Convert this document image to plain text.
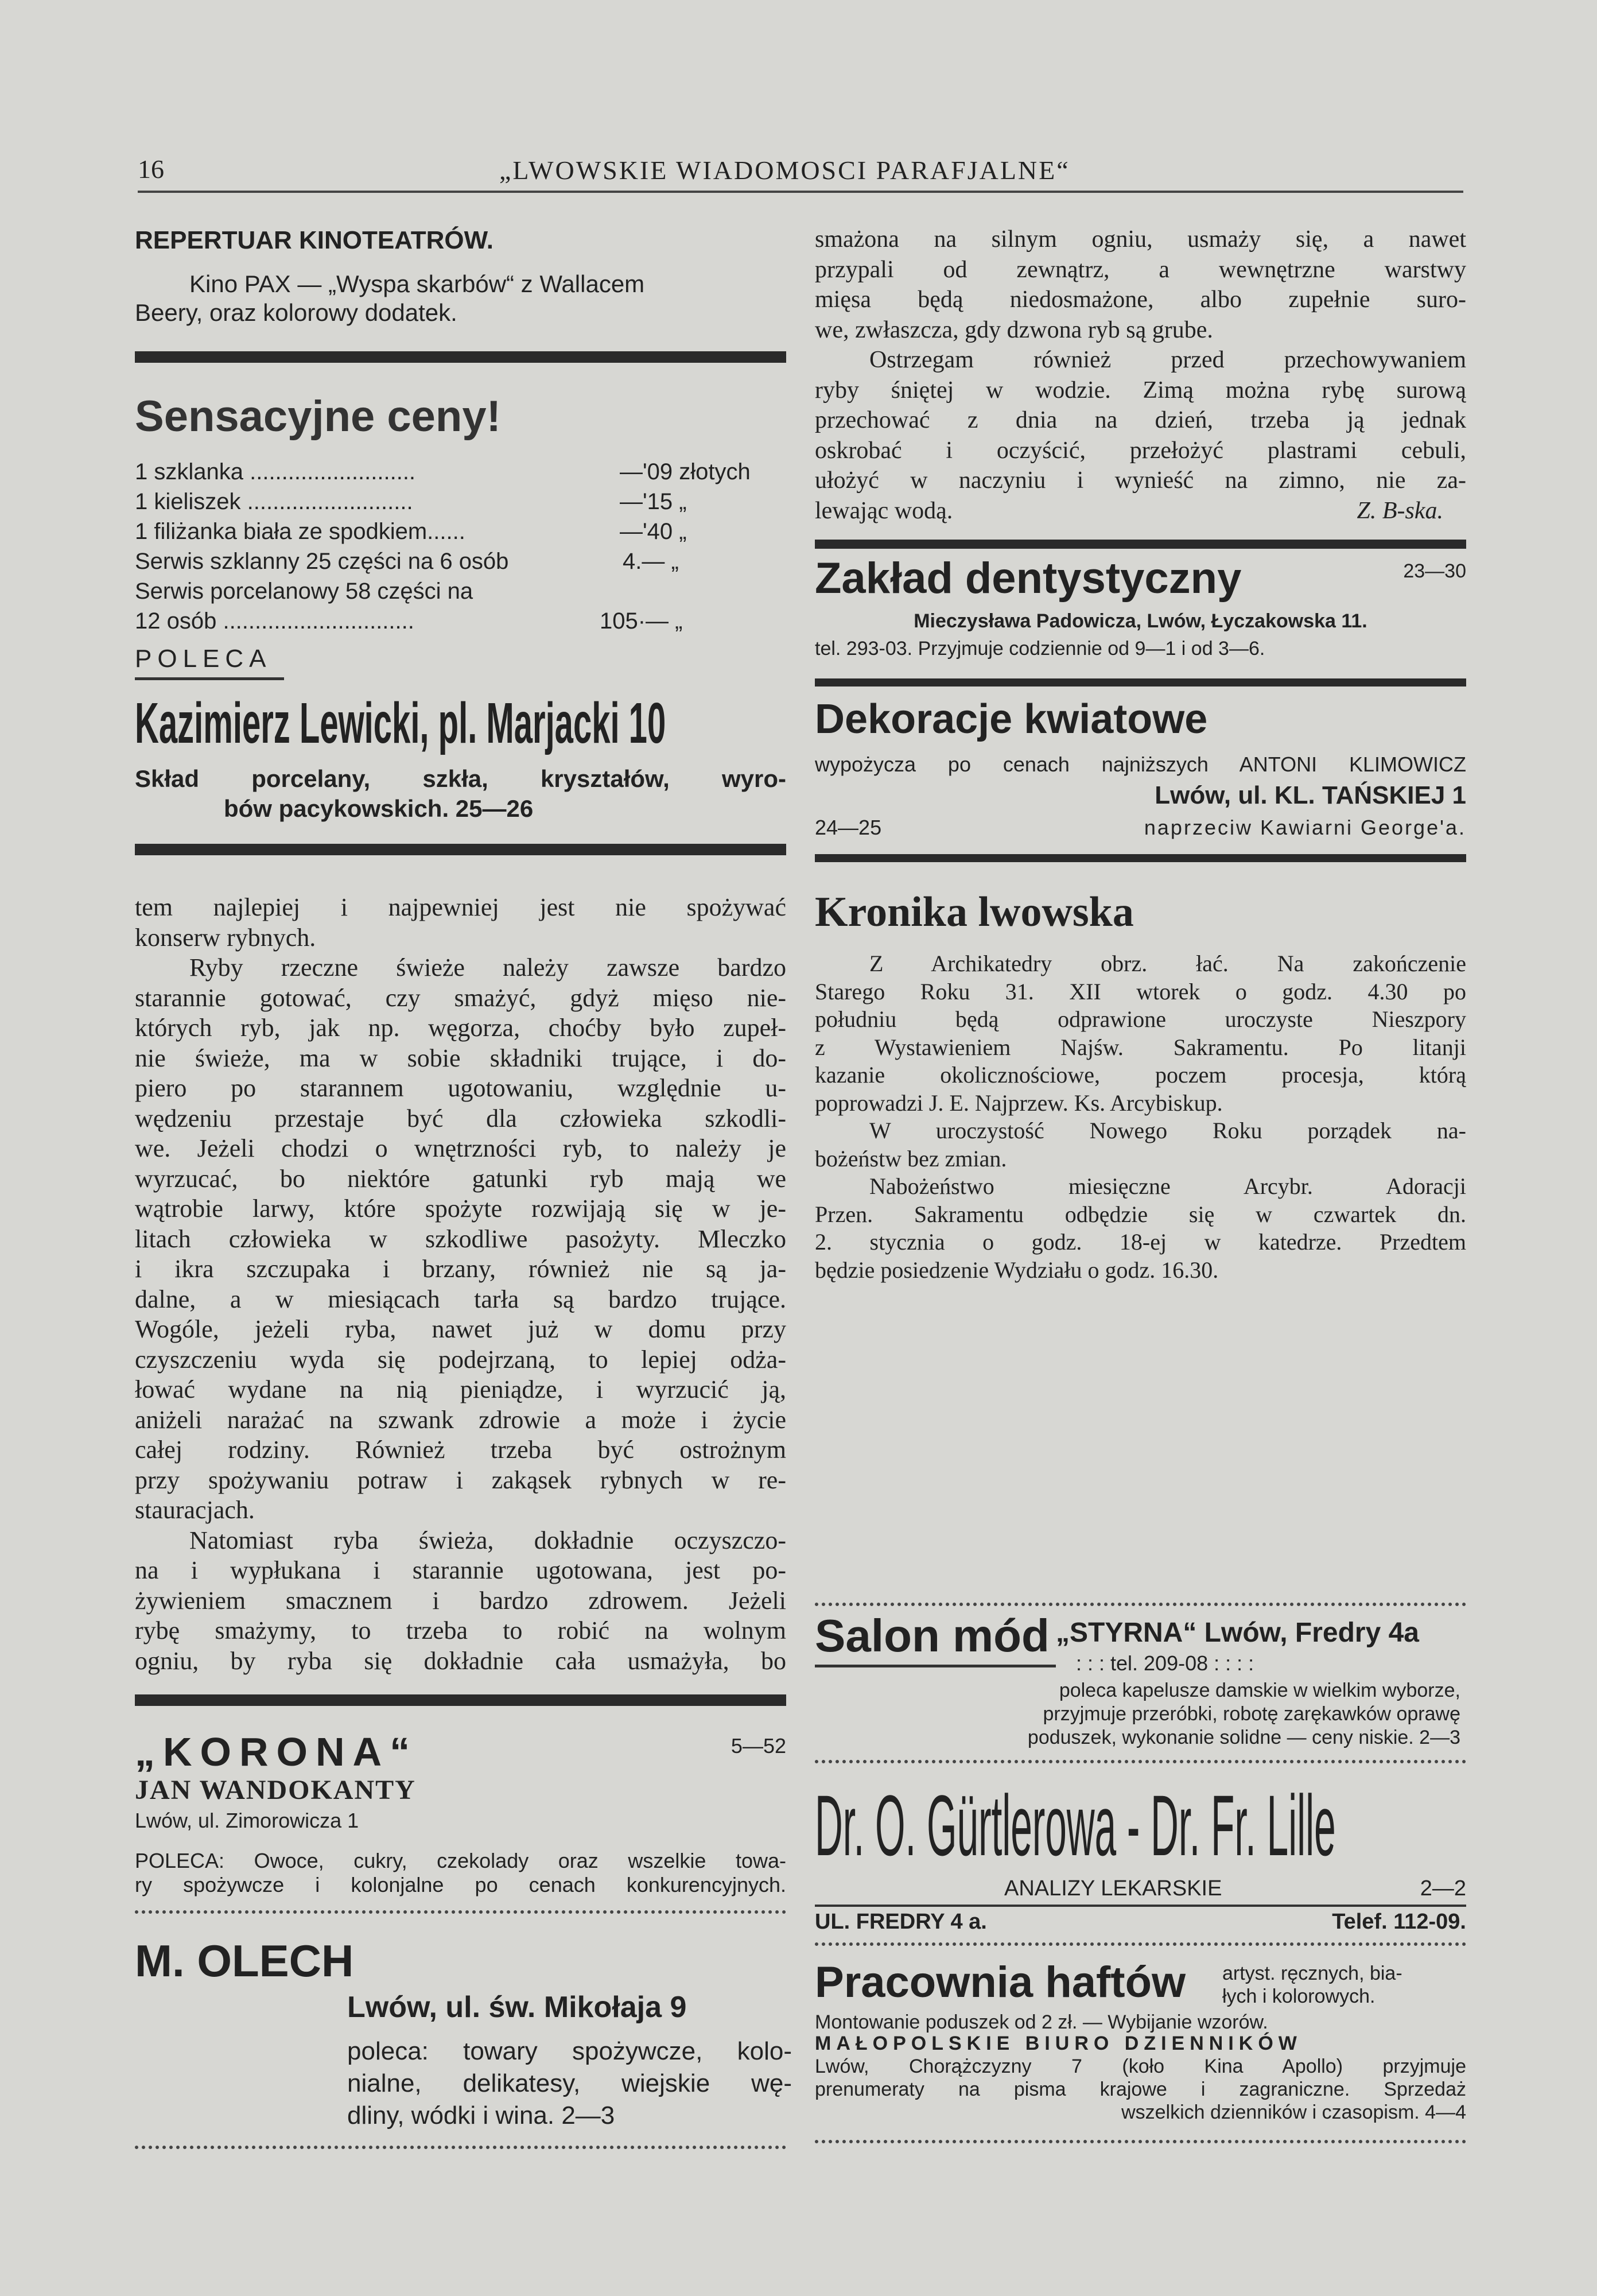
16	„LWOWSKIE WIADOMOSCI PARAFJALNE“

REPERTUAR KINOTEATRÓW.

Kino PAX — „Wyspa skarbów“ z Wallacem

Beery, oraz kolorowy dodatek.

Sensacyjne ceny!

1 szklanka ..........................	—'09 złotych
1 kieliszek ..........................	—'15 „
1 filiżanka biała ze spodkiem......	—'40 „
Serwis szklanny 25 części na 6 osób	4.— „
Serwis porcelanowy 58 części na
12 osób ..............................	105·— „

POLECA

Kazimierz Lewicki, pl. Marjacki 10

Skład porcelany, szkła, kryształów, wyro-

bów pacykowskich. 25—26

tem najlepiej i najpewniej jest nie spożywać

konserw rybnych.

Ryby rzeczne świeże należy zawsze bardzo

starannie gotować, czy smażyć, gdyż mięso nie-

których ryb, jak np. węgorza, choćby było zupeł-

nie świeże, ma w sobie składniki trujące, i do-

piero po starannem ugotowaniu, względnie u-

wędzeniu przestaje być dla człowieka szkodli-

we. Jeżeli chodzi o wnętrzności ryb, to należy je

wyrzucać, bo niektóre gatunki ryb mają we

wątrobie larwy, które spożyte rozwijają się w je-

litach człowieka w szkodliwe pasożyty. Mleczko

i ikra szczupaka i brzany, również nie są ja-

dalne, a w miesiącach tarła są bardzo trujące.

Wogóle, jeżeli ryba, nawet już w domu przy

czyszczeniu wyda się podejrzaną, to lepiej odża-

łować wydane na nią pieniądze, i wyrzucić ją,

aniżeli narażać na szwank zdrowie a może i życie

całej rodziny. Również trzeba być ostrożnym

przy spożywaniu potraw i zakąsek rybnych w re-

stauracjach.

Natomiast ryba świeża, dokładnie oczyszczo-

na i wypłukana i starannie ugotowana, jest po-

żywieniem smacznem i bardzo zdrowem. Jeżeli

rybę smażymy, to trzeba to robić na wolnym

ogniu, by ryba się dokładnie cała usmażyła, bo

„KORONA“	5—52

JAN WANDOKANTY

Lwów, ul. Zimorowicza 1

POLECA: Owoce, cukry, czekolady oraz wszelkie towa-

ry spożywcze i kolonjalne po cenach konkurencyjnych.

M. OLECH

Lwów, ul. św. Mikołaja 9

poleca: towary spożywcze, kolo-

nialne, delikatesy, wiejskie wę-

dliny, wódki i wina. 2—3

smażona na silnym ogniu, usmaży się, a nawet

przypali od zewnątrz, a wewnętrzne warstwy

mięsa będą niedosmażone, albo zupełnie suro-

we, zwłaszcza, gdy dzwona ryb są grube.

Ostrzegam również przed przechowywaniem

ryby śniętej w wodzie. Zimą można rybę surową

przechować z dnia na dzień, trzeba ją jednak

oskrobać i oczyścić, przełożyć plastrami cebuli,

ułożyć w naczyniu i wynieść na zimno, nie za-

lewając wodą.	Z. B-ska.

Zakład dentystyczny	23—30

Mieczysława Padowicza, Lwów, Łyczakowska 11.

tel. 293-03. Przyjmuje codziennie od 9—1 i od 3—6.

Dekoracje kwiatowe

wypożycza po cenach najniższych ANTONI KLIMOWICZ

Lwów, ul. KL. TAŃSKIEJ 1

24—25	naprzeciw Kawiarni George'a.

Kronika lwowska

Z Archikatedry obrz. łać. Na zakończenie

Starego Roku 31. XII wtorek o godz. 4.30 po

południu będą odprawione uroczyste Nieszpory

z Wystawieniem Najśw. Sakramentu. Po litanji

kazanie okolicznościowe, poczem procesja, którą

poprowadzi J. E. Najprzew. Ks. Arcybiskup.

W uroczystość Nowego Roku porządek na-

bożeństw bez zmian.

Nabożeństwo miesięczne Arcybr. Adoracji

Przen. Sakramentu odbędzie się w czwartek dn.

2. stycznia o godz. 18-ej w katedrze. Przedtem

będzie posiedzenie Wydziału o godz. 16.30.

Salon mód „STYRNA“ Lwów, Fredry 4a

: : : tel. 209-08 : : : :

poleca kapelusze damskie w wielkim wyborze,

przyjmuje przeróbki, robotę zarękawków oprawę

poduszek, wykonanie solidne — ceny niskie. 2—3

Dr. O. Gürtlerowa - Dr. Fr. Lille

ANALIZY LEKARSKIE	2—2

UL. FREDRY 4 a.	Telef. 112-09.

Pracownia haftów	artyst. ręcznych, bia-

łych i kolorowych.

Montowanie poduszek od 2 zł. — Wybijanie wzorów.

MAŁOPOLSKIE BIURO DZIENNIKÓW

Lwów, Chorążczyzny 7 (koło Kina Apollo) przyjmuje

prenumeraty na pisma krajowe i zagraniczne. Sprzedaż

wszelkich dzienników i czasopism. 4—4
